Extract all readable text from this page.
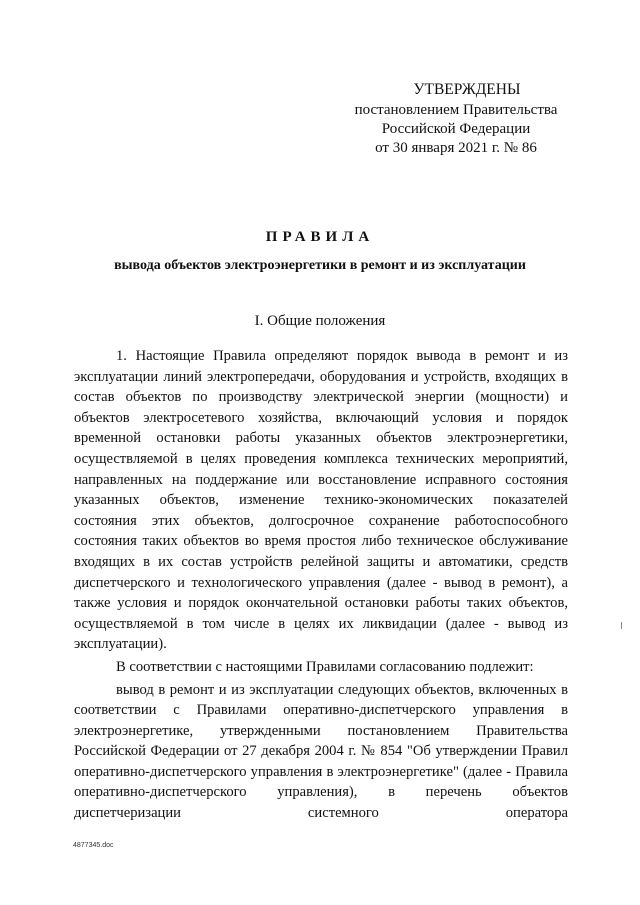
УТВЕРЖДЕНЫ
постановлением Правительства
Российской Федерации
от 30 января 2021 г. № 86
ПРАВИЛА
вывода объектов электроэнергетики в ремонт и из эксплуатации
I. Общие положения

1. Настоящие Правила определяют порядок вывода в ремонт и из эксплуатации линий электропередачи, оборудования и устройств, входящих в состав объектов по производству электрической энергии (мощности) и объектов электросетевого хозяйства, включающий условия и порядок временной остановки работы указанных объектов электроэнергетики, осуществляемой в целях проведения комплекса технических мероприятий, направленных на поддержание или восстановление исправного состояния указанных объектов, изменение технико-экономических показателей состояния этих объектов, долгосрочное сохранение работоспособного состояния таких объектов во время простоя либо техническое обслуживание входящих в их состав устройств релейной защиты и автоматики, средств диспетчерского и технологического управления (далее - вывод в ремонт), а также условия и порядок окончательной остановки работы таких объектов, осуществляемой в том числе в целях их ликвидации (далее - вывод из эксплуатации).

В соответствии с настоящими Правилами согласованию подлежит:

вывод в ремонт и из эксплуатации следующих объектов, включенных в соответствии с Правилами оперативно-диспетчерского управления в электроэнергетике, утвержденными постановлением Правительства Российской Федерации от 27 декабря 2004 г. № 854 "Об утверждении Правил оперативно-диспетчерского управления в электроэнергетике" (далее - Правила оперативно-диспетчерского управления), в перечень объектов диспетчеризации системного оператора

4877345.doc
